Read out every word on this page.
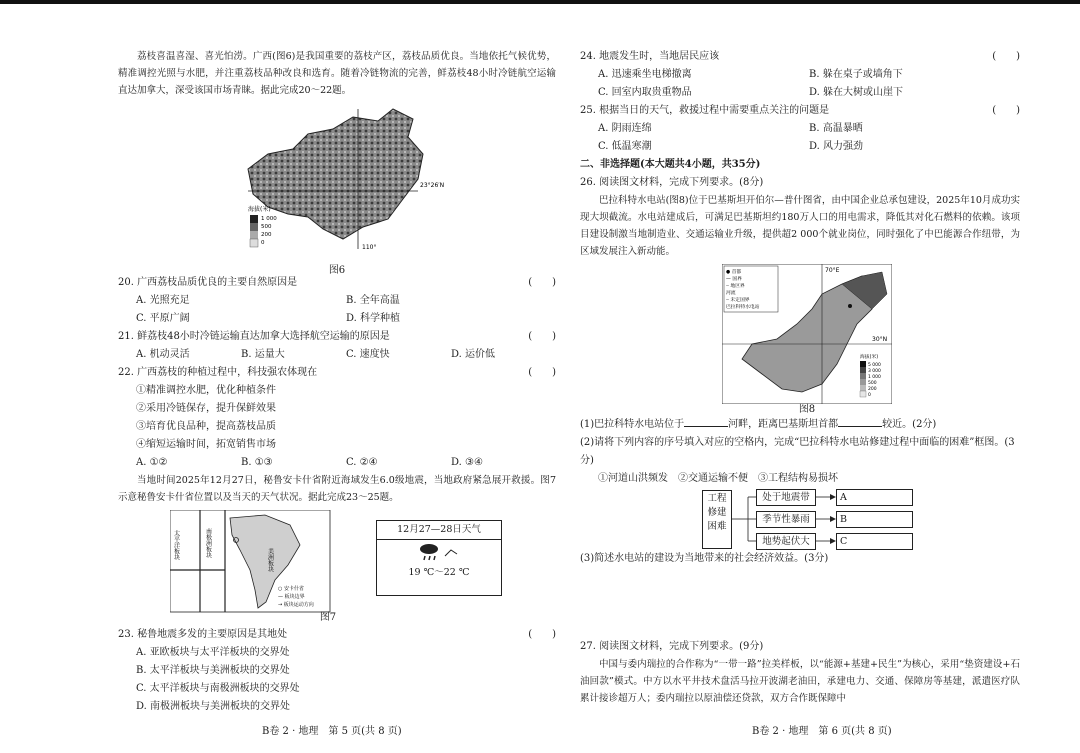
荔枝喜温喜湿、喜光怕涝。广西(图6)是我国重要的荔枝产区，荔枝品质优良。当地依托气候优势，精准调控光照与水肥，并注重荔枝品种改良和选育。随着冷链物流的完善，鲜荔枝48小时冷链航空运输直达加拿大，深受该国市场青睐。据此完成20～22题。

23°26′N
110°
海拔(米)
1 000
500
200
0
图6
20. 广西荔枝品质优良的主要自然原因是	(　　)
A. 光照充足	B. 全年高温
C. 平原广阔	D. 科学种植
21. 鲜荔枝48小时冷链运输直达加拿大选择航空运输的原因是	(　　)
A. 机动灵活	B. 运量大	C. 速度快	D. 运价低
22. 广西荔枝的种植过程中，科技强农体现在	(　　)
①精准调控水肥，优化种植条件
②采用冷链保存，提升保鲜效果
③培育优良品种，提高荔枝品质
④缩短运输时间，拓宽销售市场
A. ①②	B. ①③	C. ②④	D. ③④

当地时间2025年12月27日，秘鲁安卡什省附近海域发生6.0级地震，当地政府紧急展开救援。图7示意秘鲁安卡什省位置以及当天的天气状况。据此完成23～25题。

太平洋板块	南极洲板块
美洲板块
○ 安卡什省
— 板块边界
→ 板块运动方向
12月27—28日天气
19 ℃～22 ℃
图7
23. 秘鲁地震多发的主要原因是其地处	(　　)
A. 亚欧板块与太平洋板块的交界处
B. 太平洋板块与美洲板块的交界处
C. 太平洋板块与南极洲板块的交界处
D. 南极洲板块与美洲板块的交界处
B卷 2 · 地理　第 5 页(共 8 页)
24. 地震发生时，当地居民应该	(　　)
A. 迅速乘坐电梯撤离	B. 躲在桌子或墙角下
C. 回室内取贵重物品	D. 躲在大树或山崖下
25. 根据当日的天气，救援过程中需要重点关注的问题是	(　　)
A. 阴雨连绵	B. 高温暴晒
C. 低温寒潮	D. 风力强劲
二、非选择题(本大题共4小题，共35分)
26. 阅读图文材料，完成下列要求。(8分)

巴拉科特水电站(图8)位于巴基斯坦开伯尔—普什图省，由中国企业总承包建设，2025年10月成功实现大坝截流。水电站建成后，可满足巴基斯坦约180万人口的用电需求，降低其对化石燃料的依赖。该项目建设制激当地制造业、交通运输业升级，提供超2 000个就业岗位，同时强化了中巴能源合作纽带，为区域发展注入新动能。

● 首都
— 国界
┄ 地区界
河流
┄ 未定国界
巴拉科特水电站
70°E
30°N
海拔(米)
5 000
3 000
1 000
500
200
0
图8
(1)巴拉科特水电站位于	河畔，距离巴基斯坦首都	较近。(2分)
(2)请将下列内容的序号填入对应的空格内，完成“巴拉科特水电站修建过程中面临的困难”框图。(3分)
①河道山洪频发　②交通运输不便　③工程结构易损坏
工程修建困难
处于地震带
季节性暴雨
地势起伏大
A
B
C
(3)简述水电站的建设为当地带来的社会经济效益。(3分)
27. 阅读图文材料，完成下列要求。(9分)

中国与委内瑞拉的合作称为“一带一路”拉美样板，以“能源+基建+民生”为核心，采用“垫资建设+石油回款”模式。中方以水平井技术盘活马拉开波湖老油田，承建电力、交通、保障房等基建，派遣医疗队累计接诊超万人；委内瑞拉以原油偿还贷款，双方合作既保障中

B卷 2 · 地理　第 6 页(共 8 页)
